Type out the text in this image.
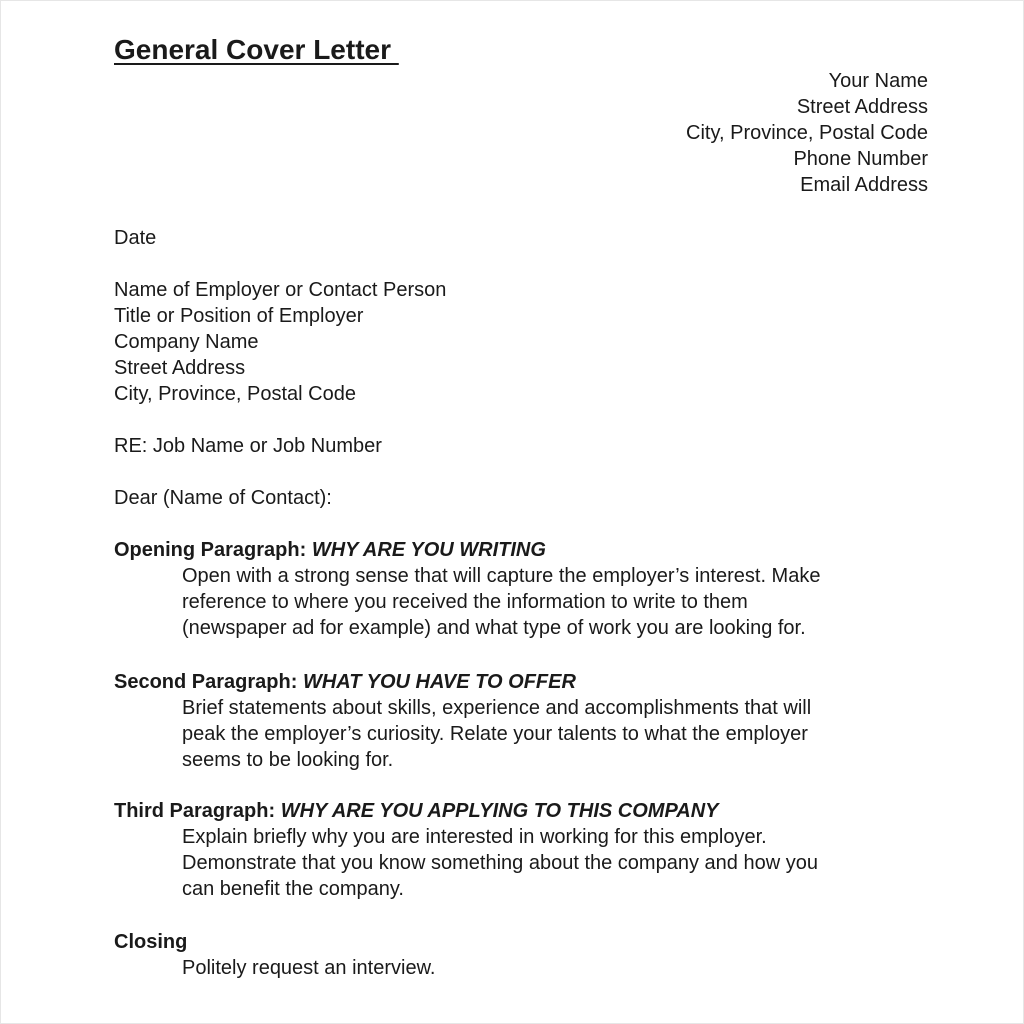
General Cover Letter
Your Name
Street Address
City, Province, Postal Code
Phone Number
Email Address
Date
Name of Employer or Contact Person
Title or Position of Employer
Company Name
Street Address
City, Province, Postal Code
RE: Job Name or Job Number
Dear (Name of Contact):
Opening Paragraph: WHY ARE YOU WRITING
Open with a strong sense that will capture the employer’s interest. Make
reference to where you received the information to write to them
(newspaper ad for example) and what type of work you are looking for.
Second Paragraph: WHAT YOU HAVE TO OFFER
Brief statements about skills, experience and accomplishments that will
peak the employer’s curiosity. Relate your talents to what the employer
seems to be looking for.
Third Paragraph: WHY ARE YOU APPLYING TO THIS COMPANY
Explain briefly why you are interested in working for this employer.
Demonstrate that you know something about the company and how you
can benefit the company.
Closing
Politely request an interview.
